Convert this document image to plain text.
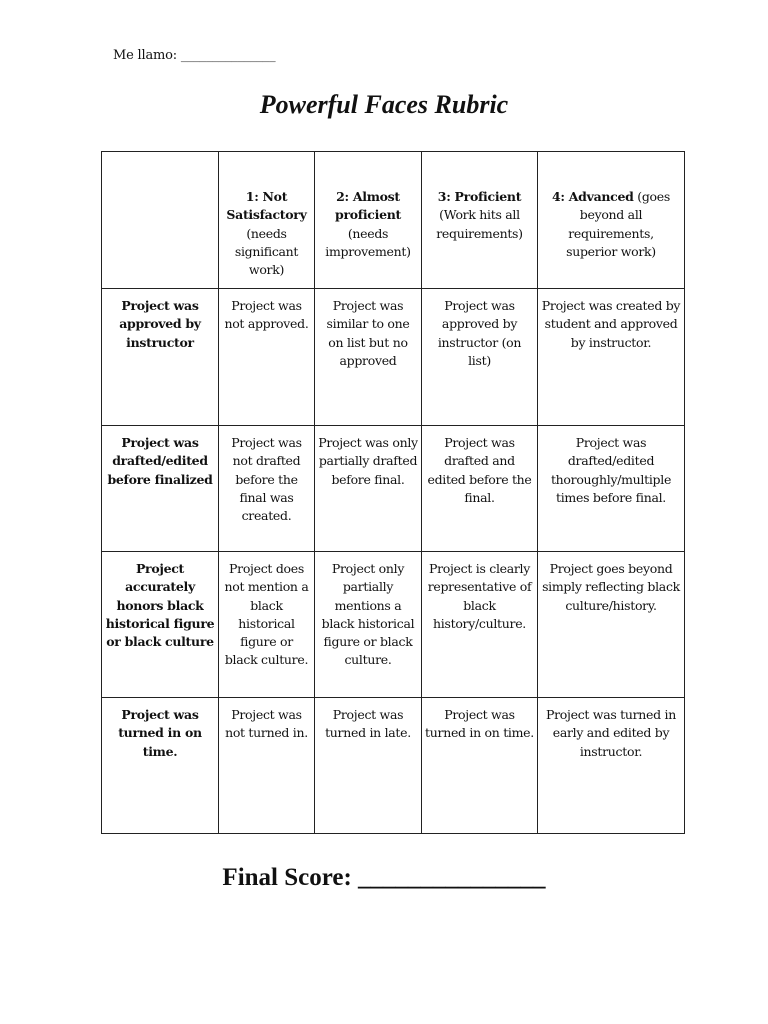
Me llamo: _______________
Powerful Faces Rubric
	1: Not Satisfactory (needs significant work)	2: Almost proficient (needs improvement)	3: Proficient (Work hits all requirements)	4: Advanced (goes beyond all requirements, superior work)
Project was approved by instructor	Project was not approved.	Project was similar to one on list but no approved	Project was approved by instructor (on list)	Project was created by student and approved by instructor.
Project was drafted/edited before finalized	Project was not drafted before the final was created.	Project was only partially drafted before final.	Project was drafted and edited before the final.	Project was drafted/edited thoroughly/multiple times before final.
Project accurately honors black historical figure or black culture	Project does not mention a black historical figure or black culture.	Project only partially mentions a black historical figure or black culture.	Project is clearly representative of black history/culture.	Project goes beyond simply reflecting black culture/history.
Project was turned in on time.	Project was not turned in.	Project was turned in late.	Project was turned in on time.	Project was turned in early and edited by instructor.
Final Score: _______________
